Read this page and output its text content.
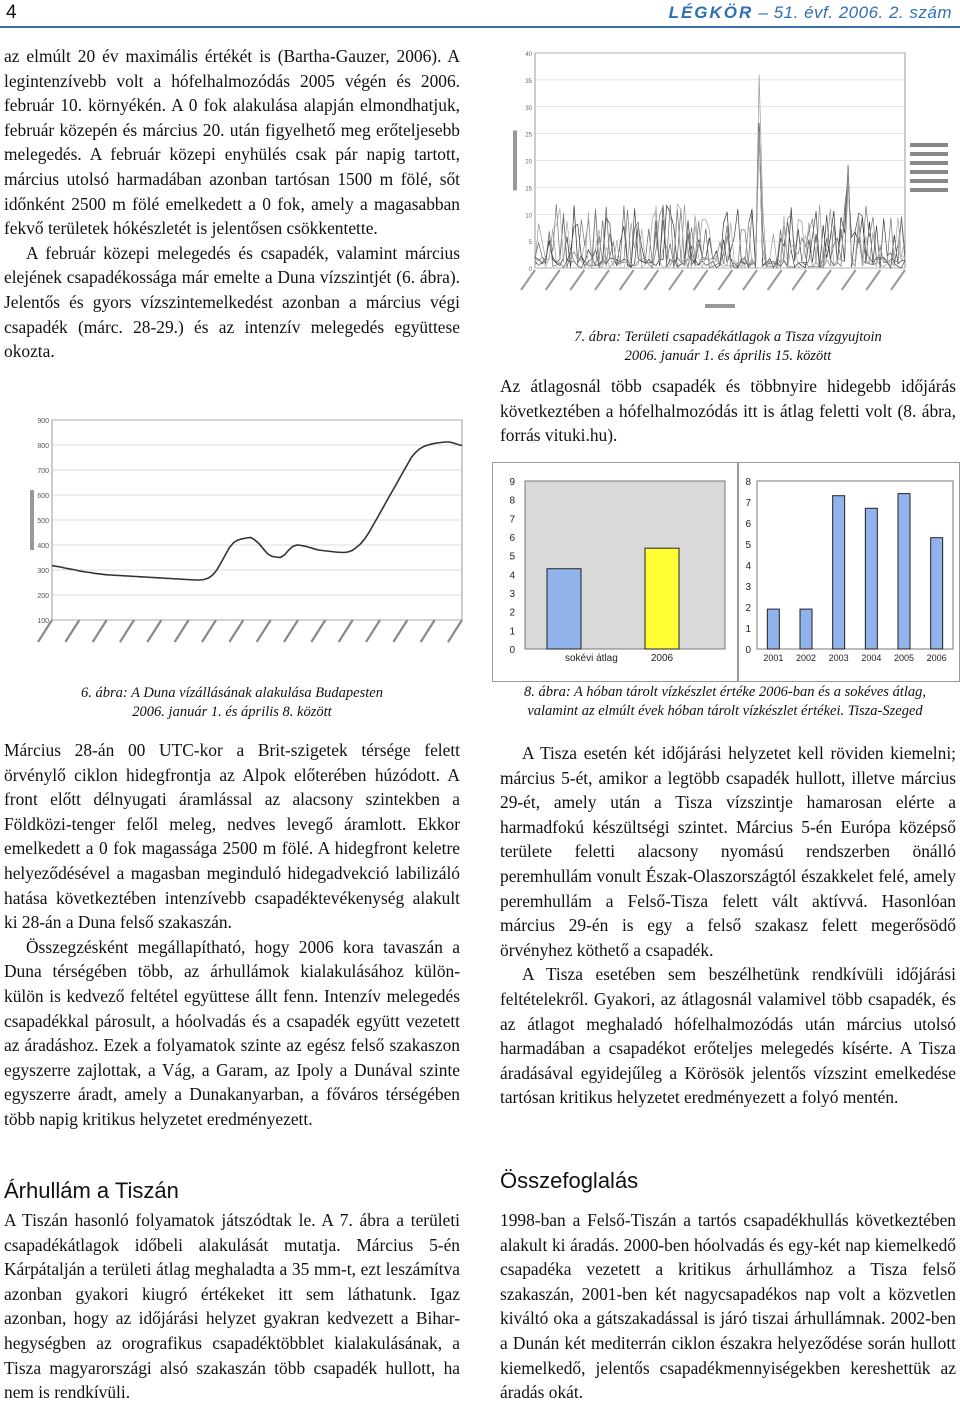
4	LÉGKÖR – 51. évf. 2006. 2. szám

az elmúlt 20 év maximális értékét is (Bartha-Gauzer, 2006). A legintenzívebb volt a hófelhalmozódás 2005 végén és 2006. február 10. környékén. A 0 fok alakulása alapján elmondhatjuk, február közepén és március 20. után figyelhető meg erőteljesebb melegedés. A február közepi enyhülés csak pár napig tartott, március utolsó harmadában azonban tartósan 1500 m fölé, sőt időnként 2500 m fölé emelkedett a 0 fok, amely a magasabban fekvő területek hókészletét is jelentősen csökkentette.

A február közepi melegedés és csapadék, valamint március elejének csapadékossága már emelte a Duna vízszintjét (6. ábra). Jelentős és gyors vízszintemelkedést azonban a március végi csapadék (márc. 28-29.) és az intenzív melegedés együttese okozta.

100
200
300
400
500
600
700
800
900
6. ábra: A Duna vízállásának alakulása Budapesten
2006. január 1. és április 8. között

Március 28-án 00 UTC-kor a Brit-szigetek térsége felett örvénylő ciklon hidegfrontja az Alpok előterében húzódott. A front előtt délnyugati áramlással az alacsony szintekben a Földközi-tenger felől meleg, nedves levegő áramlott. Ekkor emelkedett a 0 fok magassága 2500 m fölé. A hidegfront keletre helyeződésével a magasban meginduló hidegadvekció labilizáló hatása következtében intenzívebb csapadéktevékenység alakult ki 28-án a Duna felső szakaszán.

Összegzésként megállapítható, hogy 2006 kora tavaszán a Duna térségében több, az árhullámok kialakulásához külön-külön is kedvező feltétel együttese állt fenn. Intenzív melegedés csapadékkal párosult, a hóolvadás és a csapadék együtt vezetett az áradáshoz. Ezek a folyamatok szinte az egész felső szakaszon egyszerre zajlottak, a Vág, a Garam, az Ipoly a Dunával szinte egyszerre áradt, amely a Dunakanyarban, a főváros térségében több napig kritikus helyzetet eredményezett.

Árhullám a Tiszán

A Tiszán hasonló folyamatok játszódtak le. A 7. ábra a területi csapadékátlagok időbeli alakulását mutatja. Március 5-én Kárpátalján a területi átlag meghaladta a 35 mm-t, ezt leszámítva azonban gyakori kiugró értékeket itt sem láthatunk. Igaz azonban, hogy az időjárási helyzet gyakran kedvezett a Bihar-hegységben az orografikus csapadéktöbblet kialakulásának, a Tisza magyarországi alsó szakaszán több csapadék hullott, ha nem is rendkívüli.

0
5
10
15
20
25
30
35
40
7. ábra: Területi csapadékátlagok a Tisza vízgyujtoin
2006. január 1. és április 15. között

Az átlagosnál több csapadék és többnyire hidegebb időjárás következtében a hófelhalmozódás itt is átlag feletti volt (8. ábra, forrás vituki.hu).

0
1
2
3
4
5
6
7
8
9
sokévi átlag	2006
0
1
2
3
4
5
6
7
8
2001 2002 2003 2004 2005 2006
8. ábra: A hóban tárolt vízkészlet értéke 2006-ban és a sokéves átlag,
valamint az elmúlt évek hóban tárolt vízkészlet értékei. Tisza-Szeged

A Tisza esetén két időjárási helyzetet kell röviden kiemelni; március 5-ét, amikor a legtöbb csapadék hullott, illetve március 29-ét, amely után a Tisza vízszintje hamarosan elérte a harmadfokú készültségi szintet. Március 5-én Európa középső területe feletti alacsony nyomású rendszerben önálló peremhullám vonult Észak-Olaszországtól északkelet felé, amely peremhullám a Felső-Tisza felett vált aktívvá. Hasonlóan március 29-én is egy a felső szakasz felett megerősödő örvényhez köthető a csapadék.

A Tisza esetében sem beszélhetünk rendkívüli időjárási feltételekről. Gyakori, az átlagosnál valamivel több csapadék, és az átlagot meghaladó hófelhalmozódás után március utolsó harmadában a csapadékot erőteljes melegedés kísérte. A Tisza áradásával egyidejűleg a Körösök jelentős vízszint emelkedése tartósan kritikus helyzetet eredményezett a folyó mentén.

Összefoglalás

1998-ban a Felső-Tiszán a tartós csapadékhullás következtében alakult ki áradás. 2000-ben hóolvadás és egy-két nap kiemelkedő csapadéka vezetett a kritikus árhullámhoz a Tisza felső szakaszán, 2001-ben két nagycsapadékos nap volt a közvetlen kiváltó oka a gátszakadással is járó tiszai árhullámnak. 2002-ben a Dunán két mediterrán ciklon északra helyeződése során hullott kiemelkedő, jelentős csapadékmennyiségekben kereshettük az áradás okát.
